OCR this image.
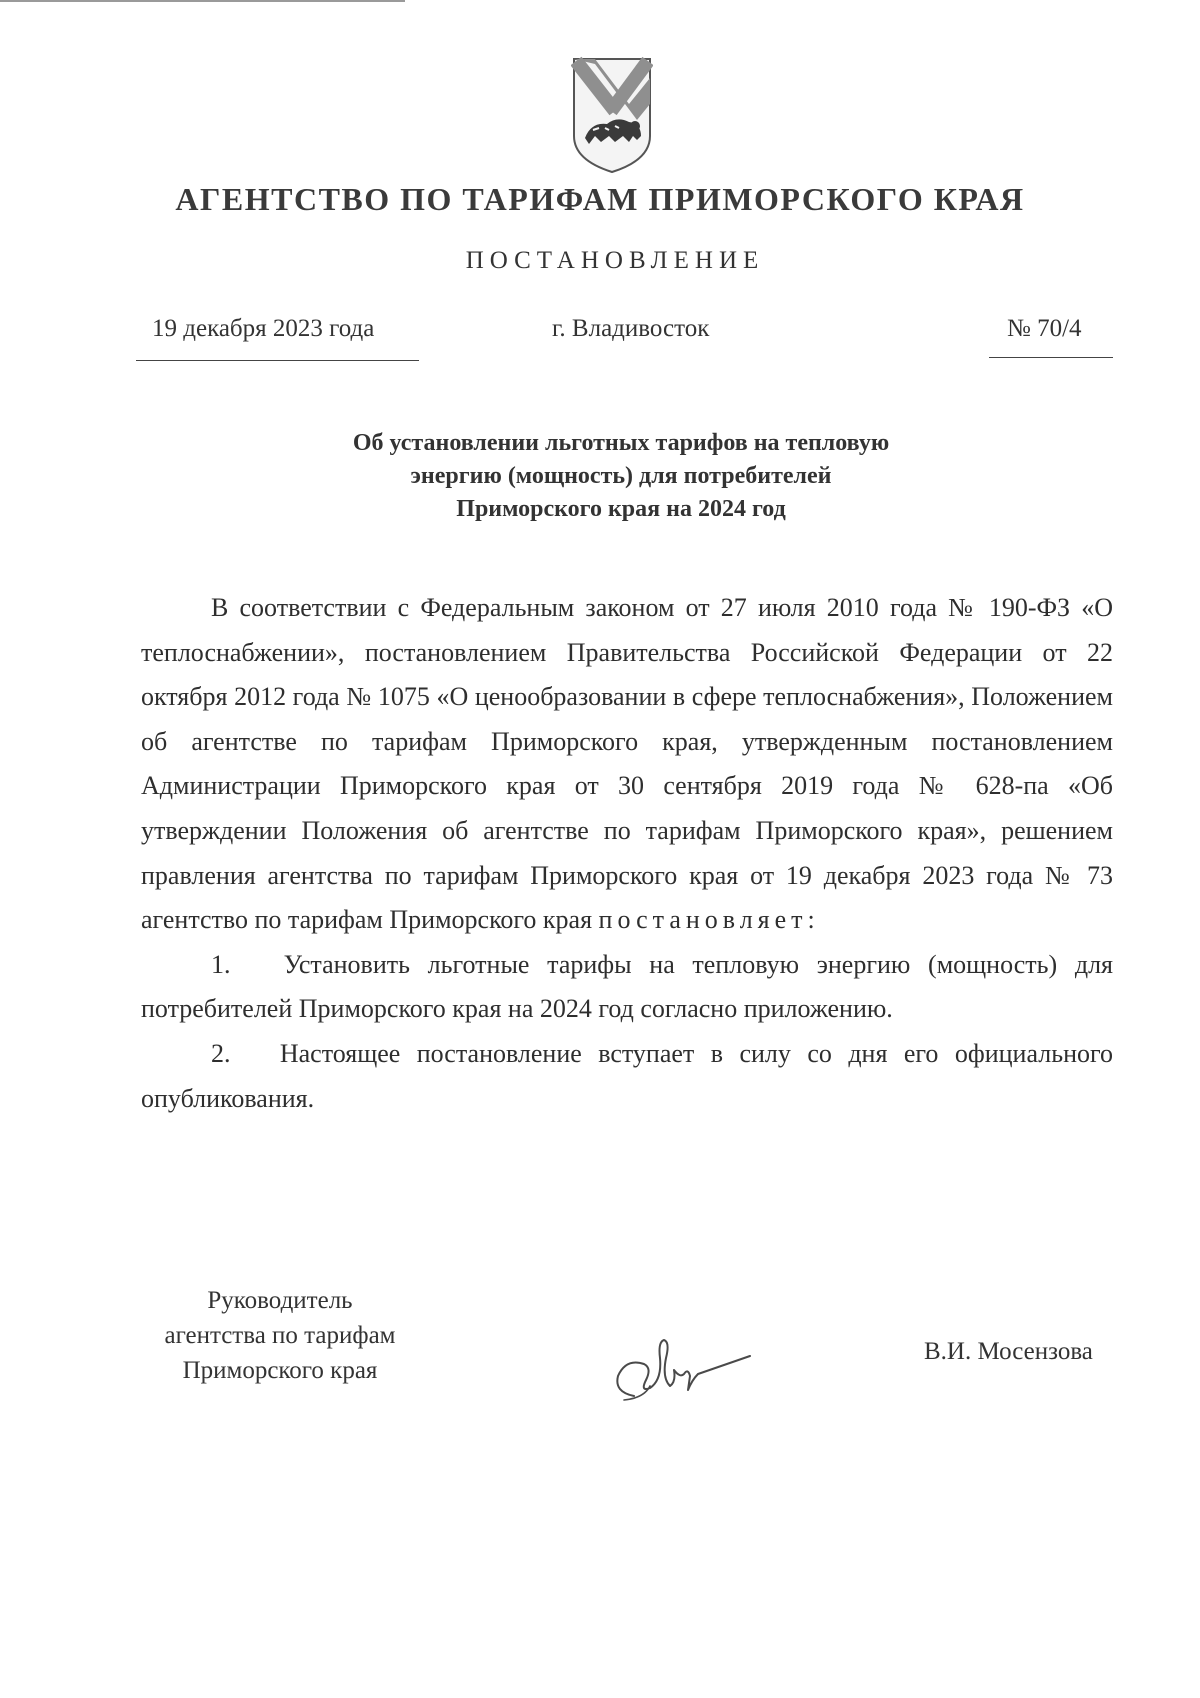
АГЕНТСТВО ПО ТАРИФАМ ПРИМОРСКОГО КРАЯ
ПОСТАНОВЛЕНИЕ
19 декабря 2023 года	г. Владивосток	№ 70/4
Об установлении льготных тарифов на тепловую
энергию (мощность) для потребителей
Приморского края на 2024 год

В соответствии с Федеральным законом от 27 июля 2010 года № 190-ФЗ «О теплоснабжении», постановлением Правительства Российской Федерации от 22 октября 2012 года № 1075 «О ценообразовании в сфере теплоснабжения», Положением об агентстве по тарифам Приморского края, утвержденным постановлением Администрации Приморского края от 30 сентября 2019 года № 628-па «Об утверждении Положения об агентстве по тарифам Приморского края», решением правления агентства по тарифам Приморского края от 19 декабря 2023 года № 73 агентство по тарифам Приморского края постановляет:

1. Установить льготные тарифы на тепловую энергию (мощность) для потребителей Приморского края на 2024 год согласно приложению.

2. Настоящее постановление вступает в силу со дня его официального опубликования.

Руководитель
агентства по тарифам
Приморского края
В.И. Мосензова
